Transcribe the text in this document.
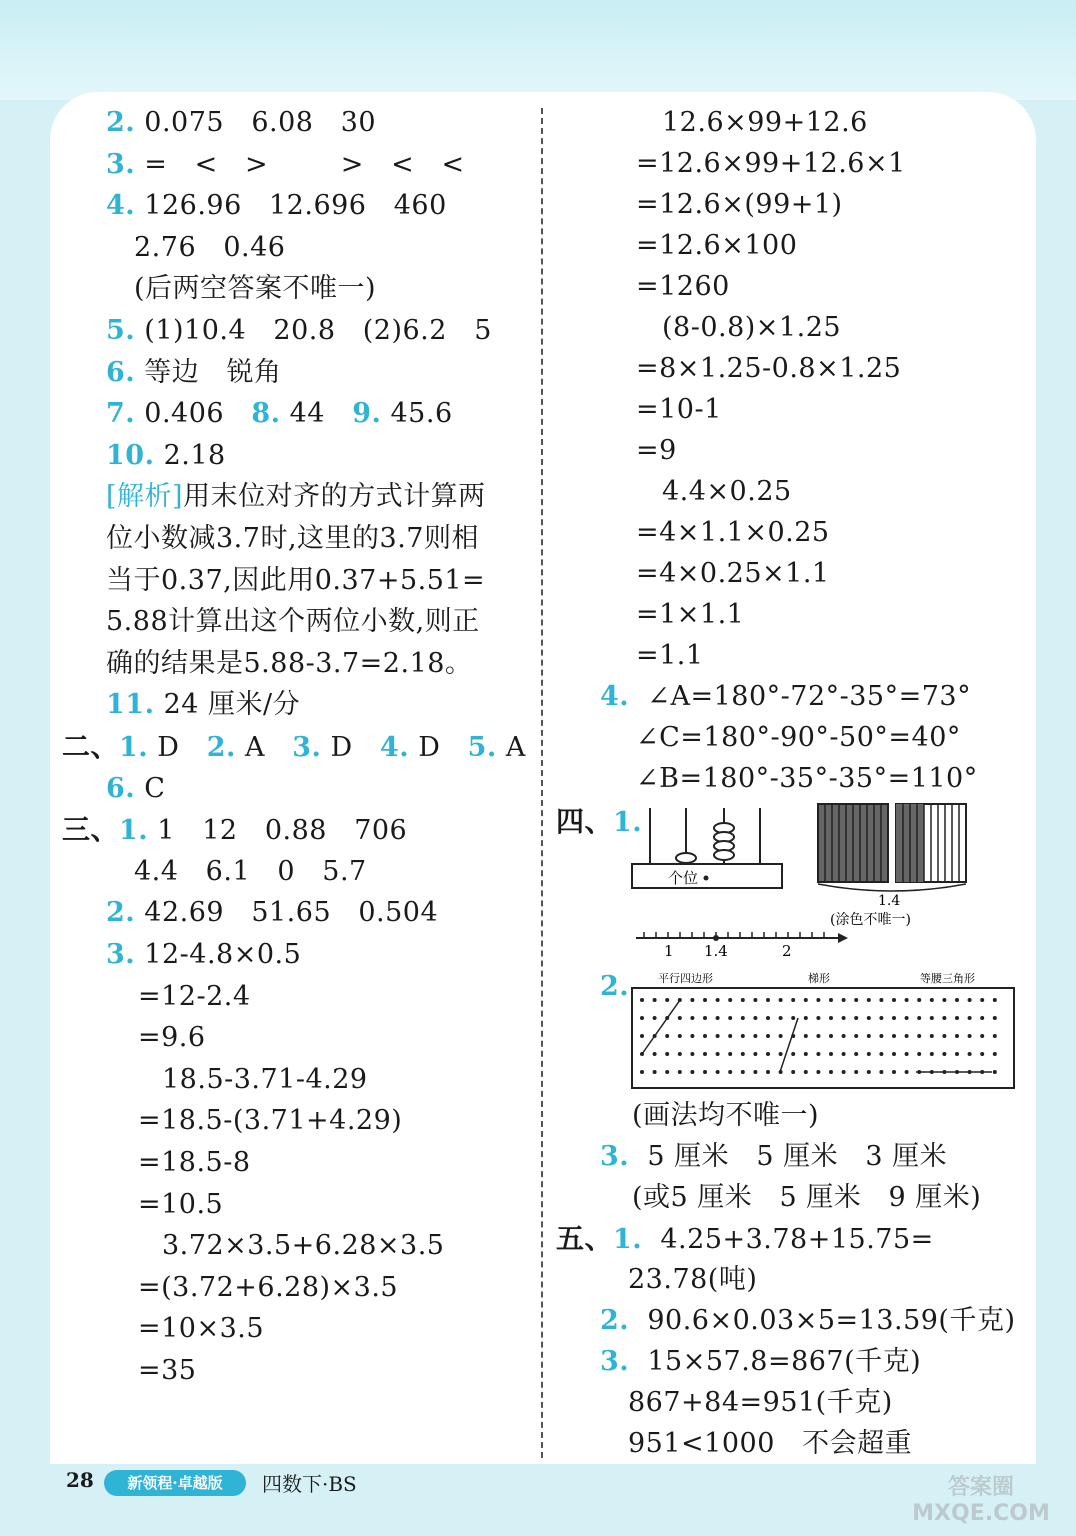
2. 0.075   6.08   30
3. =   <   >        >   <   <
4. 126.96   12.696   460
2.76   0.46
(后两空答案不唯一)
5. (1)10.4   20.8   (2)6.2   5
6. 等边   锐角
7. 0.406 8. 44 9. 45.6
10. 2.18
[解析]用末位对齐的方式计算两
位小数减3.7时,这里的3.7则相
当于0.37,因此用0.37+5.51=
5.88计算出这个两位小数,则正
确的结果是5.88-3.7=2.18。
11. 24 厘米/分
二、1. D 2. A 3. D 4. D 5. A
6. C
三、1. 1   12   0.88   706
4.4   6.1   0   5.7
2. 42.69   51.65   0.504
3. 12-4.8×0.5
=12-2.4
=9.6
18.5-3.71-4.29
=18.5-(3.71+4.29)
=18.5-8
=10.5
3.72×3.5+6.28×3.5
=(3.72+6.28)×3.5
=10×3.5
=35
12.6×99+12.6
=12.6×99+12.6×1
=12.6×(99+1)
=12.6×100
=1260
(8-0.8)×1.25
=8×1.25-0.8×1.25
=10-1
=9
4.4×0.25
=4×1.1×0.25
=4×0.25×1.1
=1×1.1
=1.1
4. ∠A=180°-72°-35°=73°
∠C=180°-90°-50°=40°
∠B=180°-35°-35°=110°
四、1.
2.
(画法均不唯一)
3. 5 厘米   5 厘米   3 厘米
(或5 厘米   5 厘米   9 厘米)
五、1. 4.25+3.78+15.75=
23.78(吨)
2. 90.6×0.03×5=13.59(千克)
3. 15×57.8=867(千克)
867+84=951(千克)
951<1000   不会超重
个位
1.4
(涂色不唯一)
1 1.4	2
平行四边形	梯形	等腰三角形
28	新领程·卓越版	四数下·BS	答案圈 MXQE.COM
